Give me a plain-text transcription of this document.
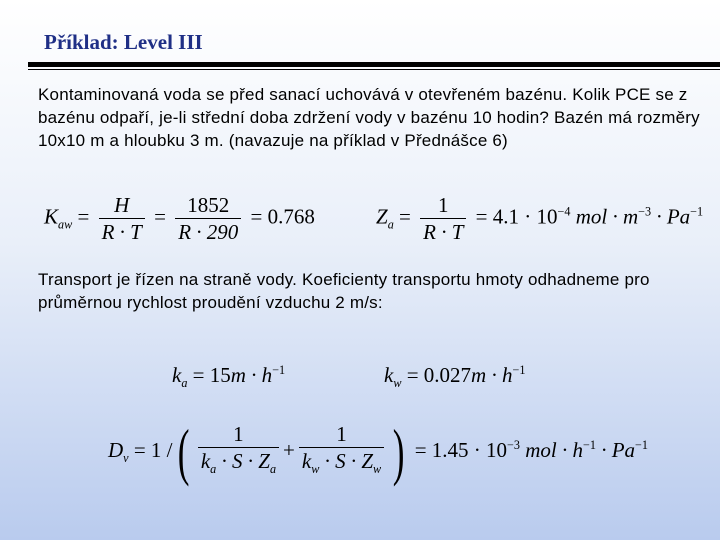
Příklad: Level III
Kontaminovaná voda se před sanací uchovává v otevřeném bazénu. Kolik PCE se z bazénu odpaří, je-li střední doba zdržení vody v bazénu 10 hodin? Bazén má rozměry 10x10 m a hloubku 3 m. (navazuje na příklad v Přednášce 6)
$K_{aw} = \frac{H}{R \cdot T} = \frac{1852}{R \cdot 290} = 0.768$	$Z_a = \frac{1}{R \cdot T} = 4.1 \cdot 10^{-4}$ mol · $m^{-3} \cdot Pa^{-1}$
Transport je řízen na straně vody. Koeficienty transportu hmoty odhadneme pro průměrnou rychlost proudění vzduchu 2 m/s:
$k_a = 15m \cdot h^{-1}$	$k_w = 0.027m \cdot h^{-1}$
$D_v = 1$ /( $\frac{1}{k_a \cdot S \cdot Z_a} + \frac{1}{k_w \cdot S \cdot Z_w}$ ) = $1.45 \cdot 10^{-3}$ mol · $h^{-1} \cdot Pa^{-1}$
